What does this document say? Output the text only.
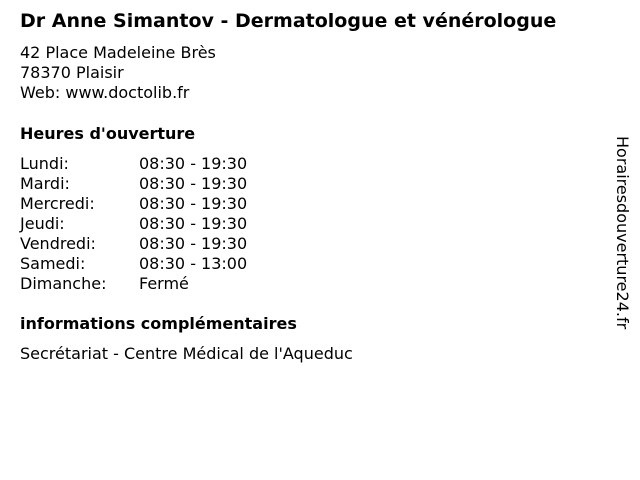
Dr Anne Simantov - Dermatologue et vénérologue
42 Place Madeleine Brès
78370 Plaisir
Web: www.doctolib.fr
Heures d'ouverture
Lundi:	08:30 - 19:30
Mardi:	08:30 - 19:30
Mercredi:	08:30 - 19:30
Jeudi:	08:30 - 19:30
Vendredi:	08:30 - 19:30
Samedi:	08:30 - 13:00
Dimanche:	Fermé
informations complémentaires
Secrétariat - Centre Médical de l'Aqueduc
Horairesdouverture24.fr
